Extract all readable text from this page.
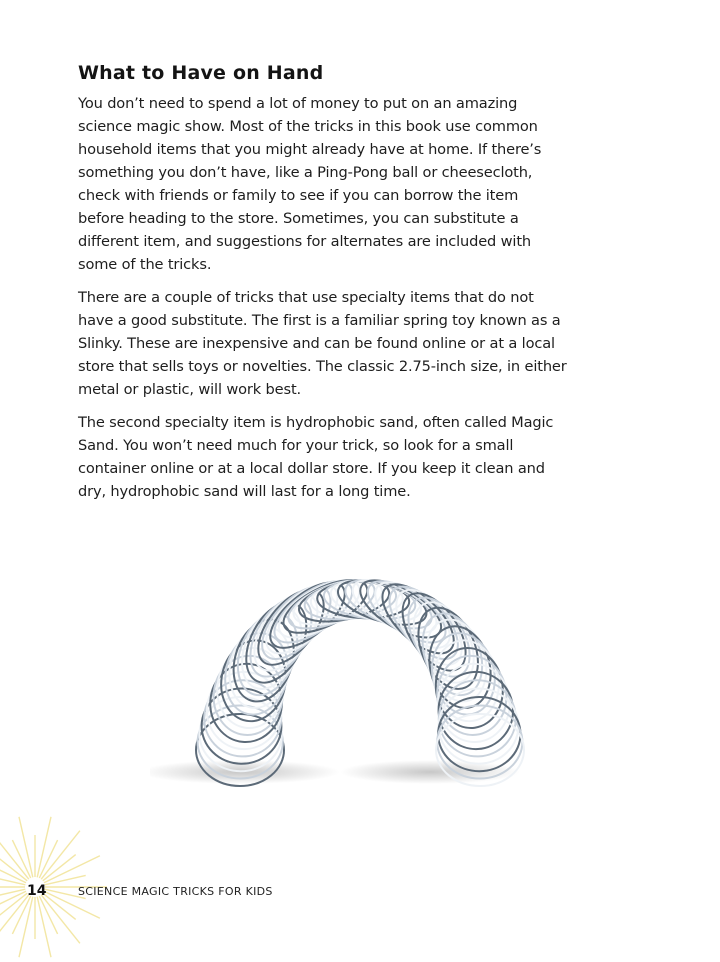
What to Have on Hand

You don’t need to spend a lot of money to put on an amazing science magic show. Most of the tricks in this book use common household items that you might already have at home. If there’s something you don’t have, like a Ping-Pong ball or cheesecloth, check with friends or family to see if you can borrow the item before heading to the store. Sometimes, you can substitute a different item, and suggestions for alternates are included with some of the tricks.

There are a couple of tricks that use specialty items that do not have a good substitute. The first is a familiar spring toy known as a Slinky. These are inexpensive and can be found online or at a local store that sells toys or novelties. The classic 2.75-inch size, in either metal or plastic, will work best.

The second specialty item is hydrophobic sand, often called Magic Sand. You won’t need much for your trick, so look for a small container online or at a local dollar store. If you keep it clean and dry, hydrophobic sand will last for a long time.

14	SCIENCE MAGIC TRICKS FOR KIDS
